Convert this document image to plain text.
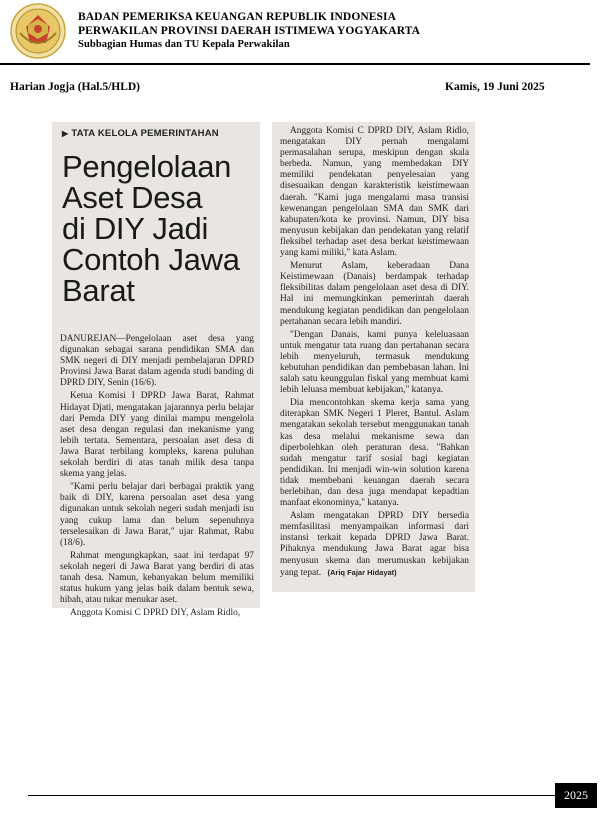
BADAN PEMERIKSA KEUANGAN REPUBLIK INDONESIA
PERWAKILAN PROVINSI DAERAH ISTIMEWA YOGYAKARTA
Subbagian Humas dan TU Kepala Perwakilan
Harian Jogja (Hal.5/HLD)	Kamis, 19 Juni 2025
▶ TATA KELOLA PEMERINTAHAN
Pengelolaan
Aset Desa
di DIY Jadi
Contoh Jawa
Barat

DANUREJAN—Pengelolaan aset desa yang digunakan sebagai sarana pendidikan SMA dan SMK negeri di DIY menjadi pembelajaran DPRD Provinsi Jawa Barat dalam agenda studi banding di DPRD DIY, Senin (16/6).

Ketua Komisi I DPRD Jawa Barat, Rahmat Hidayat Djati, mengatakan jajarannya perlu belajar dari Pemda DIY yang dinilai mampu mengelola aset desa dengan regulasi dan mekanisme yang lebih tertata. Sementara, persoalan aset desa di Jawa Barat terbilang kompleks, karena puluhan sekolah berdiri di atas tanah milik desa tanpa skema yang jelas.

"Kami perlu belajar dari berbagai praktik yang baik di DIY, karena persoalan aset desa yang digunakan untuk sekolah negeri sudah menjadi isu yang cukup lama dan belum sepenuhnya terselesaikan di Jawa Barat," ujar Rahmat, Rabu (18/6).

Rahmat mengungkapkan, saat ini terdapat 97 sekolah negeri di Jawa Barat yang berdiri di atas tanah desa. Namun, kebanyakan belum memiliki status hukum yang jelas baik dalam bentuk sewa, hibah, atau tukar menukar aset.

Anggota Komisi C DPRD DIY, Aslam Ridlo,

Anggota Komisi C DPRD DIY, Aslam Ridlo, mengatakan DIY pernah mengalami permasalahan serupa, meskipun dengan skala berbeda. Namun, yang membedakan DIY memiliki pendekatan penyelesaian yang disesuaikan dengan karakteristik keistimewaan daerah. "Kami juga mengalami masa transisi kewenangan pengelolaan SMA dan SMK dari kabupaten/kota ke provinsi. Namun, DIY bisa menyusun kebijakan dan pendekatan yang relatif fleksibel terhadap aset desa berkat keistimewaan yang kami miliki," kata Aslam.

Menurut Aslam, keberadaan Dana Keistimewaan (Danais) berdampak terhadap fleksibilitas dalam pengelolaan aset desa di DIY. Hal ini memungkinkan pemerintah daerah mendukung kegiatan pendidikan dan pengelolaan pertahanan secara lebih mandiri.

"Dengan Danais, kami punya keleluasaan untuk mengatur tata ruang dan pertahanan secara lebih menyeluruh, termasuk mendukung kebutuhan pendidikan dan pembebasan lahan. Ini salah satu keunggulan fiskal yang membuat kami lebih leluasa membuat kebijakan," katanya.

Dia mencontohkan skema kerja sama yang diterapkan SMK Negeri 1 Pleret, Bantul. Aslam mengatakan sekolah tersebut menggunakan tanah kas desa melalui mekanisme sewa dan diperbolehkan oleh peraturan desa. "Bahkan sudah mengatur tarif sosial bagi kegiatan pendidikan. Ini menjadi win-win solution karena tidak membebani keuangan daerah secara berlebihan, dan desa juga mendapat kepadtian manfaat ekonominya," katanya.

Aslam mengatakan DPRD DIY bersedia memfasilitasi menyampaikan informasi dari instansi terkait kepada DPRD Jawa Barat. Pihaknya mendukung Jawa Barat agar bisa menyusun skema dan merumuskan kebijakan yang tepat. (Ariq Fajar Hidayat)

2025
